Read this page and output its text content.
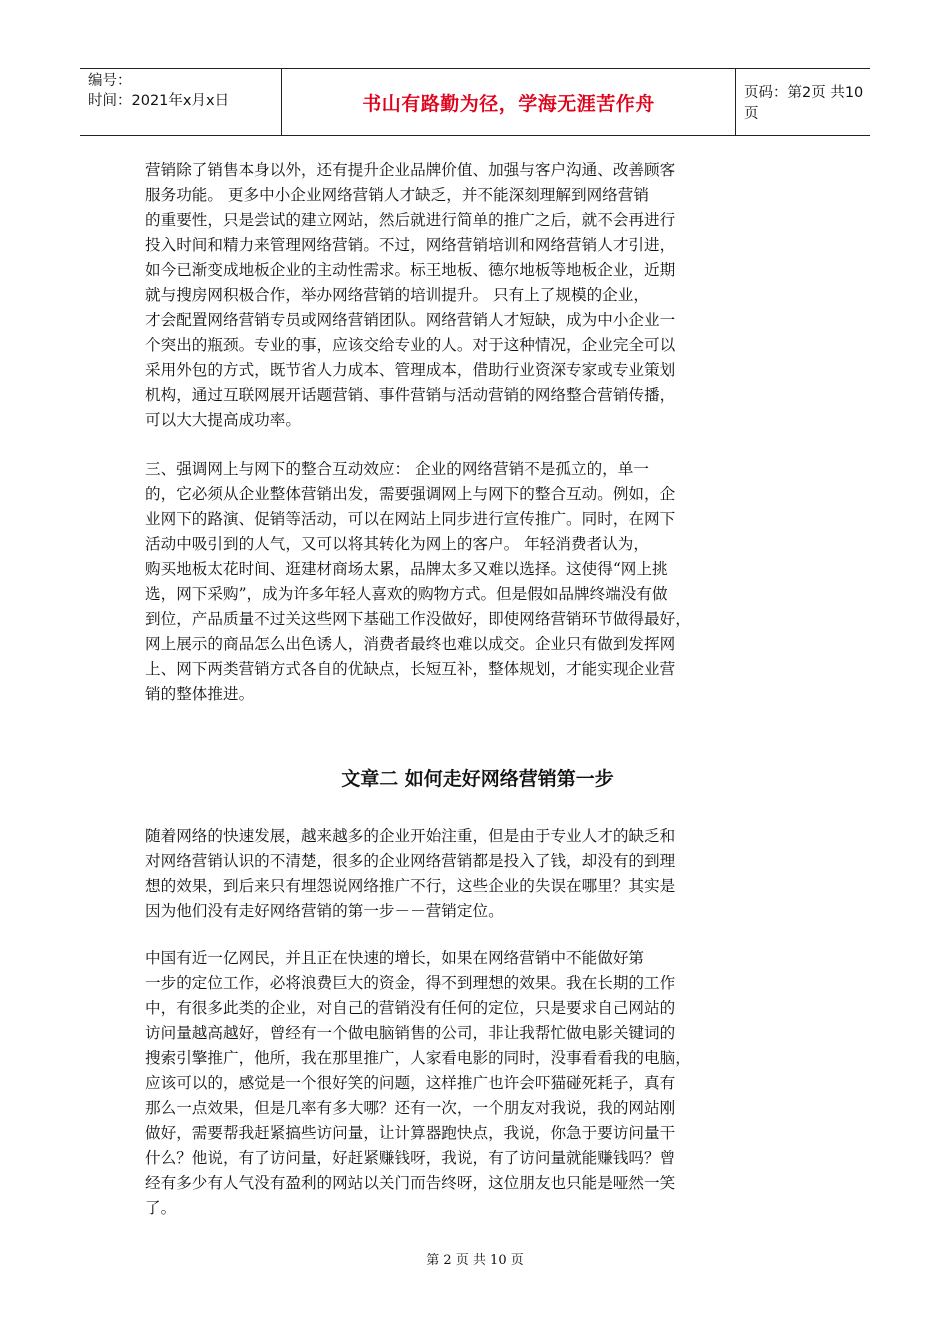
编号：
时间：2021年x月x日	书山有路勤为径，学海无涯苦作舟	页码：第2页 共10页
营销除了销售本身以外，还有提升企业品牌价值、加强与客户沟通、改善顾客
服务功能。 更多中小企业网络营销人才缺乏，并不能深刻理解到网络营销
的重要性，只是尝试的建立网站，然后就进行简单的推广之后，就不会再进行
投入时间和精力来管理网络营销。不过，网络营销培训和网络营销人才引进，
如今已渐变成地板企业的主动性需求。标王地板、德尔地板等地板企业，近期
就与搜房网积极合作，举办网络营销的培训提升。 只有上了规模的企业，
才会配置网络营销专员或网络营销团队。网络营销人才短缺，成为中小企业一
个突出的瓶颈。专业的事，应该交给专业的人。对于这种情况，企业完全可以
采用外包的方式，既节省人力成本、管理成本，借助行业资深专家或专业策划
机构，通过互联网展开话题营销、事件营销与活动营销的网络整合营销传播，
可以大大提高成功率。
三、强调网上与网下的整合互动效应： 企业的网络营销不是孤立的，单一
的，它必须从企业整体营销出发，需要强调网上与网下的整合互动。例如，企
业网下的路演、促销等活动，可以在网站上同步进行宣传推广。同时，在网下
活动中吸引到的人气，又可以将其转化为网上的客户。 年轻消费者认为，
购买地板太花时间、逛建材商场太累，品牌太多又难以选择。这使得“网上挑
选，网下采购”，成为许多年轻人喜欢的购物方式。但是假如品牌终端没有做
到位，产品质量不过关这些网下基础工作没做好，即使网络营销环节做得最好，
网上展示的商品怎么出色诱人，消费者最终也难以成交。企业只有做到发挥网
上、网下两类营销方式各自的优缺点，长短互补，整体规划，才能实现企业营
销的整体推进。
文章二 如何走好网络营销第一步
随着网络的快速发展，越来越多的企业开始注重，但是由于专业人才的缺乏和
对网络营销认识的不清楚，很多的企业网络营销都是投入了钱，却没有的到理
想的效果，到后来只有埋怨说网络推广不行，这些企业的失误在哪里？其实是
因为他们没有走好网络营销的第一步－－营销定位。
中国有近一亿网民，并且正在快速的增长，如果在网络营销中不能做好第
一步的定位工作，必将浪费巨大的资金，得不到理想的效果。我在长期的工作
中，有很多此类的企业，对自己的营销没有任何的定位，只是要求自己网站的
访问量越高越好，曾经有一个做电脑销售的公司，非让我帮忙做电影关键词的
搜索引擎推广，他所，我在那里推广，人家看电影的同时，没事看看我的电脑，
应该可以的，感觉是一个很好笑的问题，这样推广也许会吓猫碰死耗子，真有
那么一点效果，但是几率有多大哪？还有一次，一个朋友对我说，我的网站刚
做好，需要帮我赶紧搞些访问量，让计算器跑快点，我说，你急于要访问量干
什么？他说，有了访问量，好赶紧赚钱呀，我说，有了访问量就能赚钱吗？曾
经有多少有人气没有盈利的网站以关门而告终呀，这位朋友也只能是哑然一笑
了。
第 2 页 共 10 页
